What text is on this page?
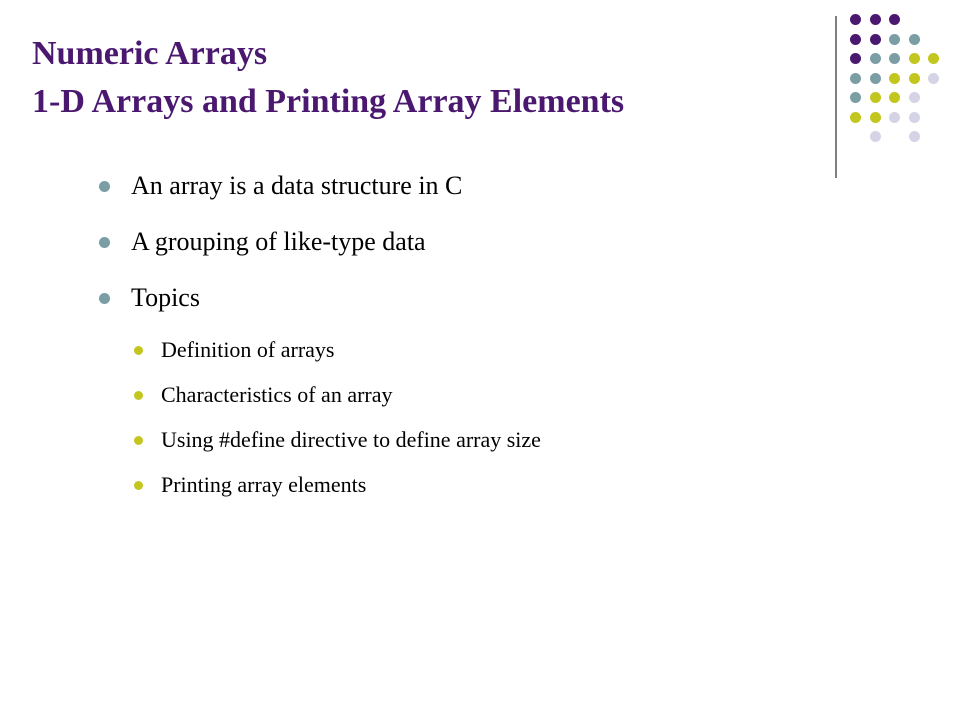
Numeric Arrays
1-D Arrays and Printing Array Elements
An array is a data structure in C
A grouping of like-type data
Topics
Definition of arrays
Characteristics of an array
Using #define directive to define array size
Printing array elements
